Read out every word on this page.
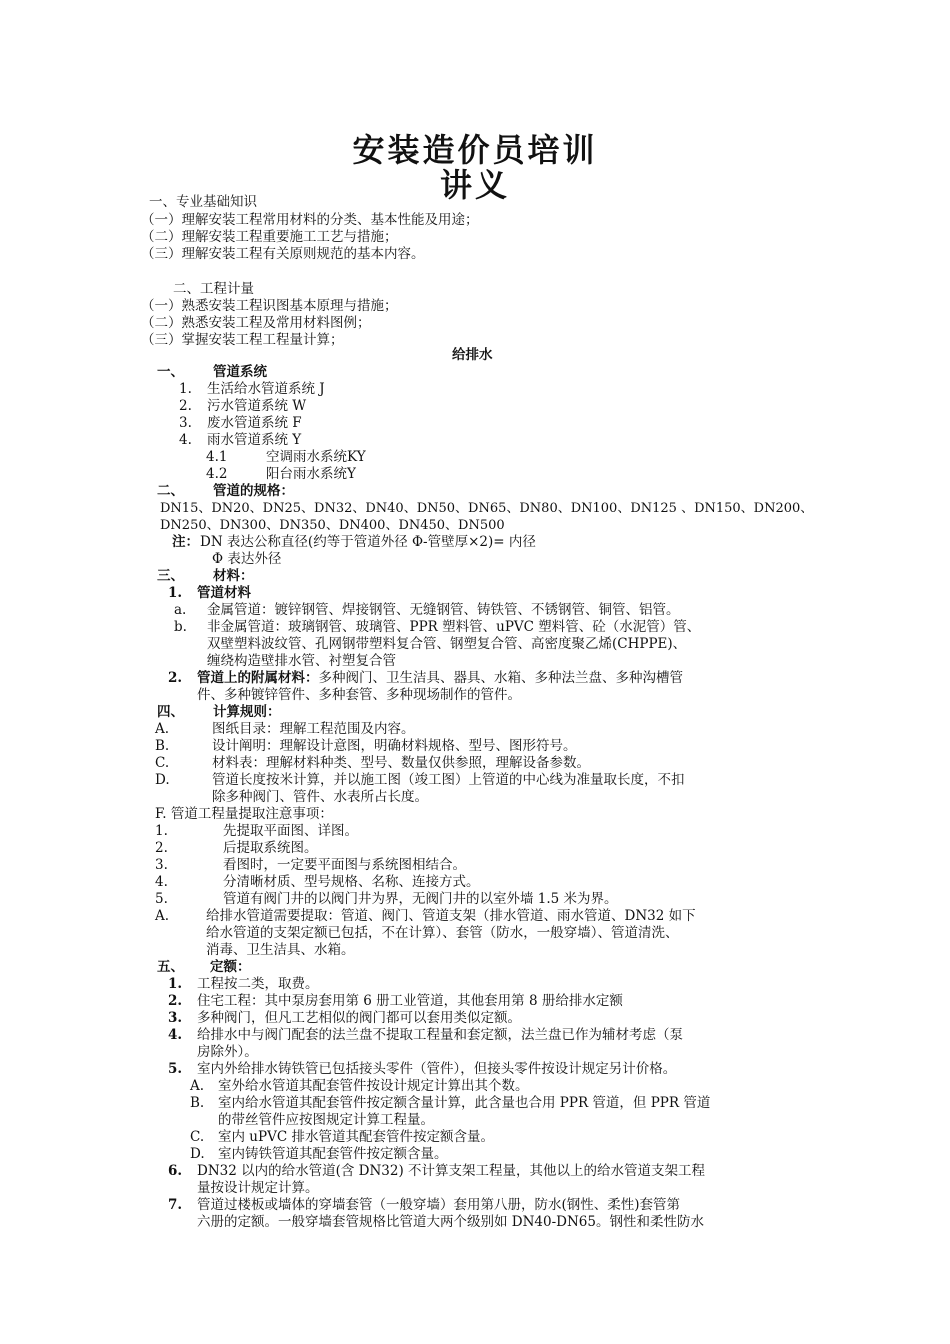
安装造价员培训
讲义
一、专业基础知识
（一）理解安装工程常用材料的分类、基本性能及用途；
（二）理解安装工程重要施工工艺与措施；
（三）理解安装工程有关原则规范的基本内容。
二、工程计量
（一）熟悉安装工程识图基本原理与措施；
（二）熟悉安装工程及常用材料图例；
（三）掌握安装工程工程量计算；
给排水
一、 管道系统
1. 生活给水管道系统 J
2. 污水管道系统 W
3. 废水管道系统 F
4. 雨水管道系统 Y
4.1	空调雨水系统KY
4.2	阳台雨水系统Y
二、 管道的规格：
DN15、DN20、DN25、DN32、DN40、DN50、DN65、DN80、DN100、DN125 、DN150、DN200、
DN250、DN300、DN350、DN400、DN450、DN500
注： DN 表达公称直径(约等于管道外径 Φ-管壁厚×2)= 内径
Φ 表达外径
三、 材料：
1. 管道材料
a. 金属管道：镀锌钢管、焊接钢管、无缝钢管、铸铁管、不锈钢管、铜管、铝管。
b. 非金属管道：玻璃钢管、玻璃管、PPR 塑料管、uPVC 塑料管、砼（水泥管）管、
双壁塑料波纹管、孔网钢带塑料复合管、钢塑复合管、高密度聚乙烯(CHPPE)、
缠绕构造壁排水管、衬塑复合管
2. 管道上的附属材料：多种阀门、卫生洁具、器具、水箱、多种法兰盘、多种沟槽管
件、多种镀锌管件、多种套管、多种现场制作的管件。
四、 计算规则：
A.	图纸目录：理解工程范围及内容。
B.	设计阐明：理解设计意图，明确材料规格、型号、图形符号。
C.	材料表：理解材料种类、型号、数量仅供参照，理解设备参数。
D.	管道长度按米计算，并以施工图（竣工图）上管道的中心线为准量取长度，不扣
除多种阀门、管件、水表所占长度。
F. 管道工程量提取注意事项：
1.	先提取平面图、详图。
2.	后提取系统图。
3.	看图时，一定要平面图与系统图相结合。
4.	分清晰材质、型号规格、名称、连接方式。
5.	管道有阀门井的以阀门井为界，无阀门井的以室外墙 1.5 米为界。
A.	给排水管道需要提取：管道、阀门、管道支架（排水管道、雨水管道、DN32 如下
给水管道的支架定额已包括，不在计算）、套管（防水，一般穿墙）、管道清洗、
消毒、卫生洁具、水箱。
五、 定额：
1. 工程按二类，取费。
2. 住宅工程：其中泵房套用第 6 册工业管道，其他套用第 8 册给排水定额
3. 多种阀门，但凡工艺相似的阀门都可以套用类似定额。
4. 给排水中与阀门配套的法兰盘不提取工程量和套定额，法兰盘已作为辅材考虑（泵
房除外）。
5. 室内外给排水铸铁管已包括接头零件（管件），但接头零件按设计规定另计价格。
A. 室外给水管道其配套管件按设计规定计算出其个数。
B. 室内给水管道其配套管件按定额含量计算，此含量也合用 PPR 管道，但 PPR 管道
的带丝管件应按图规定计算工程量。
C. 室内 uPVC 排水管道其配套管件按定额含量。
D. 室内铸铁管道其配套管件按定额含量。
6. DN32 以内的给水管道(含 DN32) 不计算支架工程量，其他以上的给水管道支架工程
量按设计规定计算。
7. 管道过楼板或墙体的穿墙套管（一般穿墙）套用第八册，防水(钢性、柔性)套管第
六册的定额。一般穿墙套管规格比管道大两个级别如 DN40-DN65。钢性和柔性防水
